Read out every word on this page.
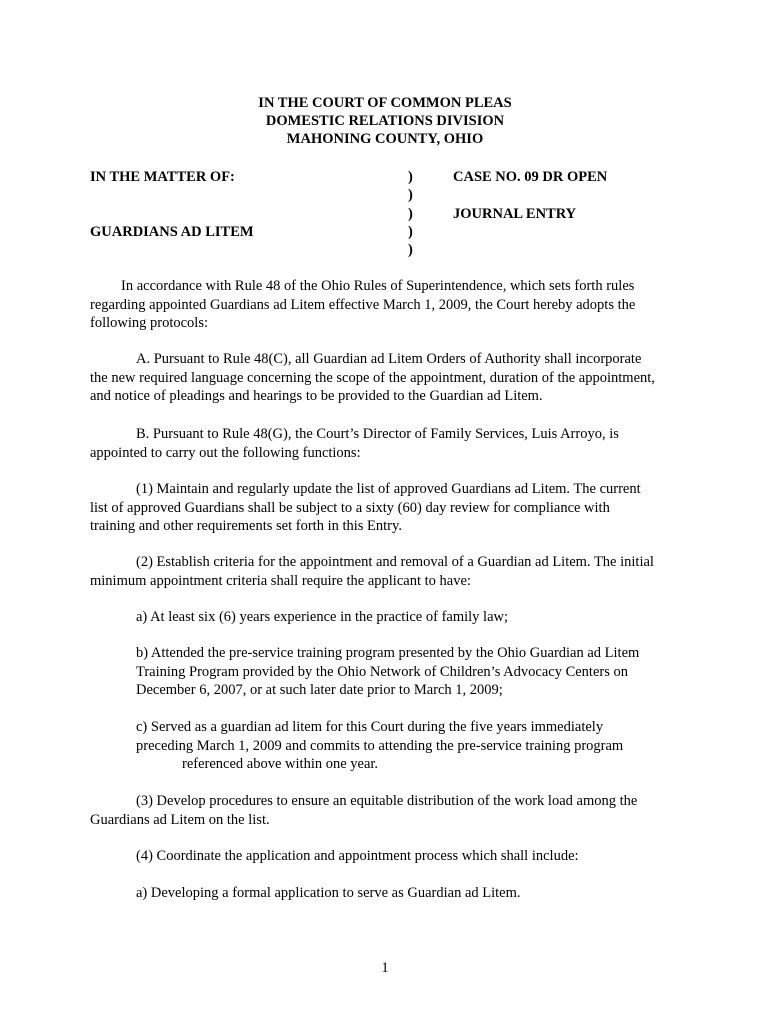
IN THE COURT OF COMMON PLEAS
DOMESTIC RELATIONS DIVISION
MAHONING COUNTY, OHIO
IN THE MATTER OF:
GUARDIANS AD LITEM
CASE NO. 09 DR OPEN
JOURNAL ENTRY
)
)
)
)
)
In accordance with Rule 48 of the Ohio Rules of Superintendence, which sets forth rules
regarding appointed Guardians ad Litem effective March 1, 2009, the Court hereby adopts the
following protocols:
A. Pursuant to Rule 48(C), all Guardian ad Litem Orders of Authority shall incorporate
the new required language concerning the scope of the appointment, duration of the appointment,
and notice of pleadings and hearings to be provided to the Guardian ad Litem.
B. Pursuant to Rule 48(G), the Court’s Director of Family Services, Luis Arroyo, is
appointed to carry out the following functions:
(1) Maintain and regularly update the list of approved Guardians ad Litem. The current
list of approved Guardians shall be subject to a sixty (60) day review for compliance with
training and other requirements set forth in this Entry.
(2) Establish criteria for the appointment and removal of a Guardian ad Litem. The initial
minimum appointment criteria shall require the applicant to have:
a) At least six (6) years experience in the practice of family law;
b) Attended the pre-service training program presented by the Ohio Guardian ad Litem
Training Program provided by the Ohio Network of Children’s Advocacy Centers on
December 6, 2007, or at such later date prior to March 1, 2009;
c) Served as a guardian ad litem for this Court during the five years immediately
preceding March 1, 2009 and commits to attending the pre-service training program
referenced above within one year.
(3) Develop procedures to ensure an equitable distribution of the work load among the
Guardians ad Litem on the list.
(4) Coordinate the application and appointment process which shall include:
a) Developing a formal application to serve as Guardian ad Litem.
1
